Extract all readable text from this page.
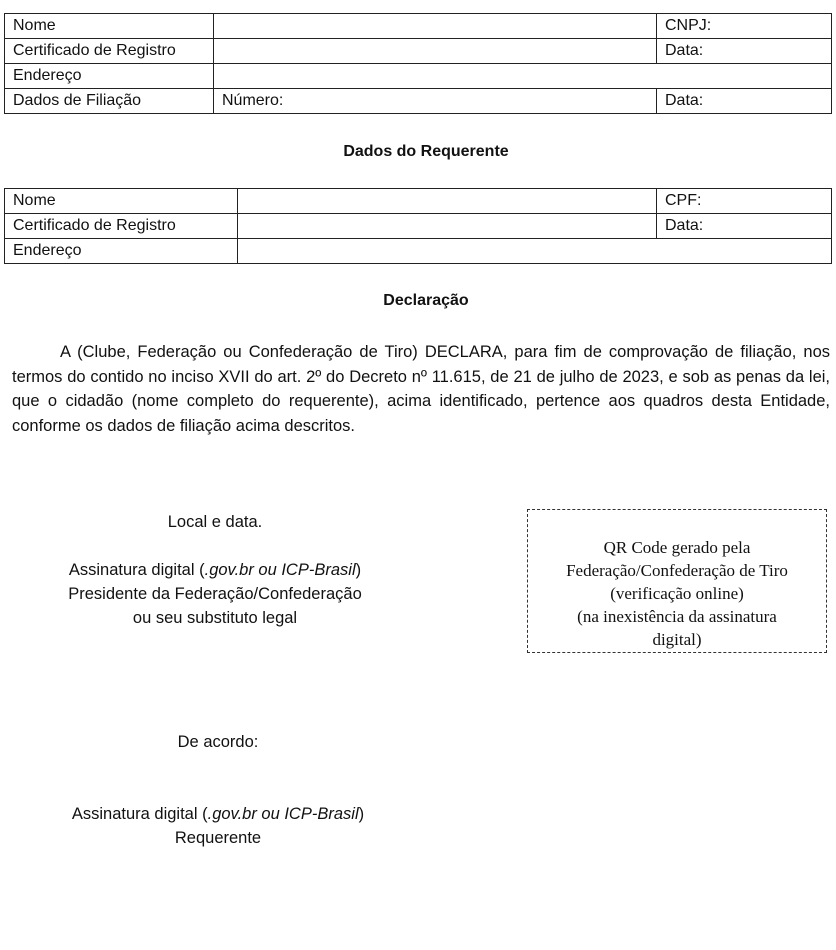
Nome		CNPJ:
Certificado de Registro		Data:
Endereço		
Dados de Filiação	Número:	Data:
Dados do Requerente
Nome		CPF:
Certificado de Registro		Data:
Endereço		
Declaração
A (Clube, Federação ou Confederação de Tiro) DECLARA, para fim de comprovação de filiação, nos termos do contido no inciso XVII do art. 2º do Decreto nº 11.615, de 21 de julho de 2023, e sob as penas da lei, que o cidadão (nome completo do requerente), acima identificado, pertence aos quadros desta Entidade, conforme os dados de filiação acima descritos.
Local e data.
Assinatura digital (.gov.br ou ICP-Brasil)
Presidente da Federação/Confederação
ou seu substituto legal
QR Code gerado pela
Federação/Confederação de Tiro
(verificação online)
(na inexistência da assinatura
digital)
De acordo:
Assinatura digital (.gov.br ou ICP-Brasil)
Requerente
